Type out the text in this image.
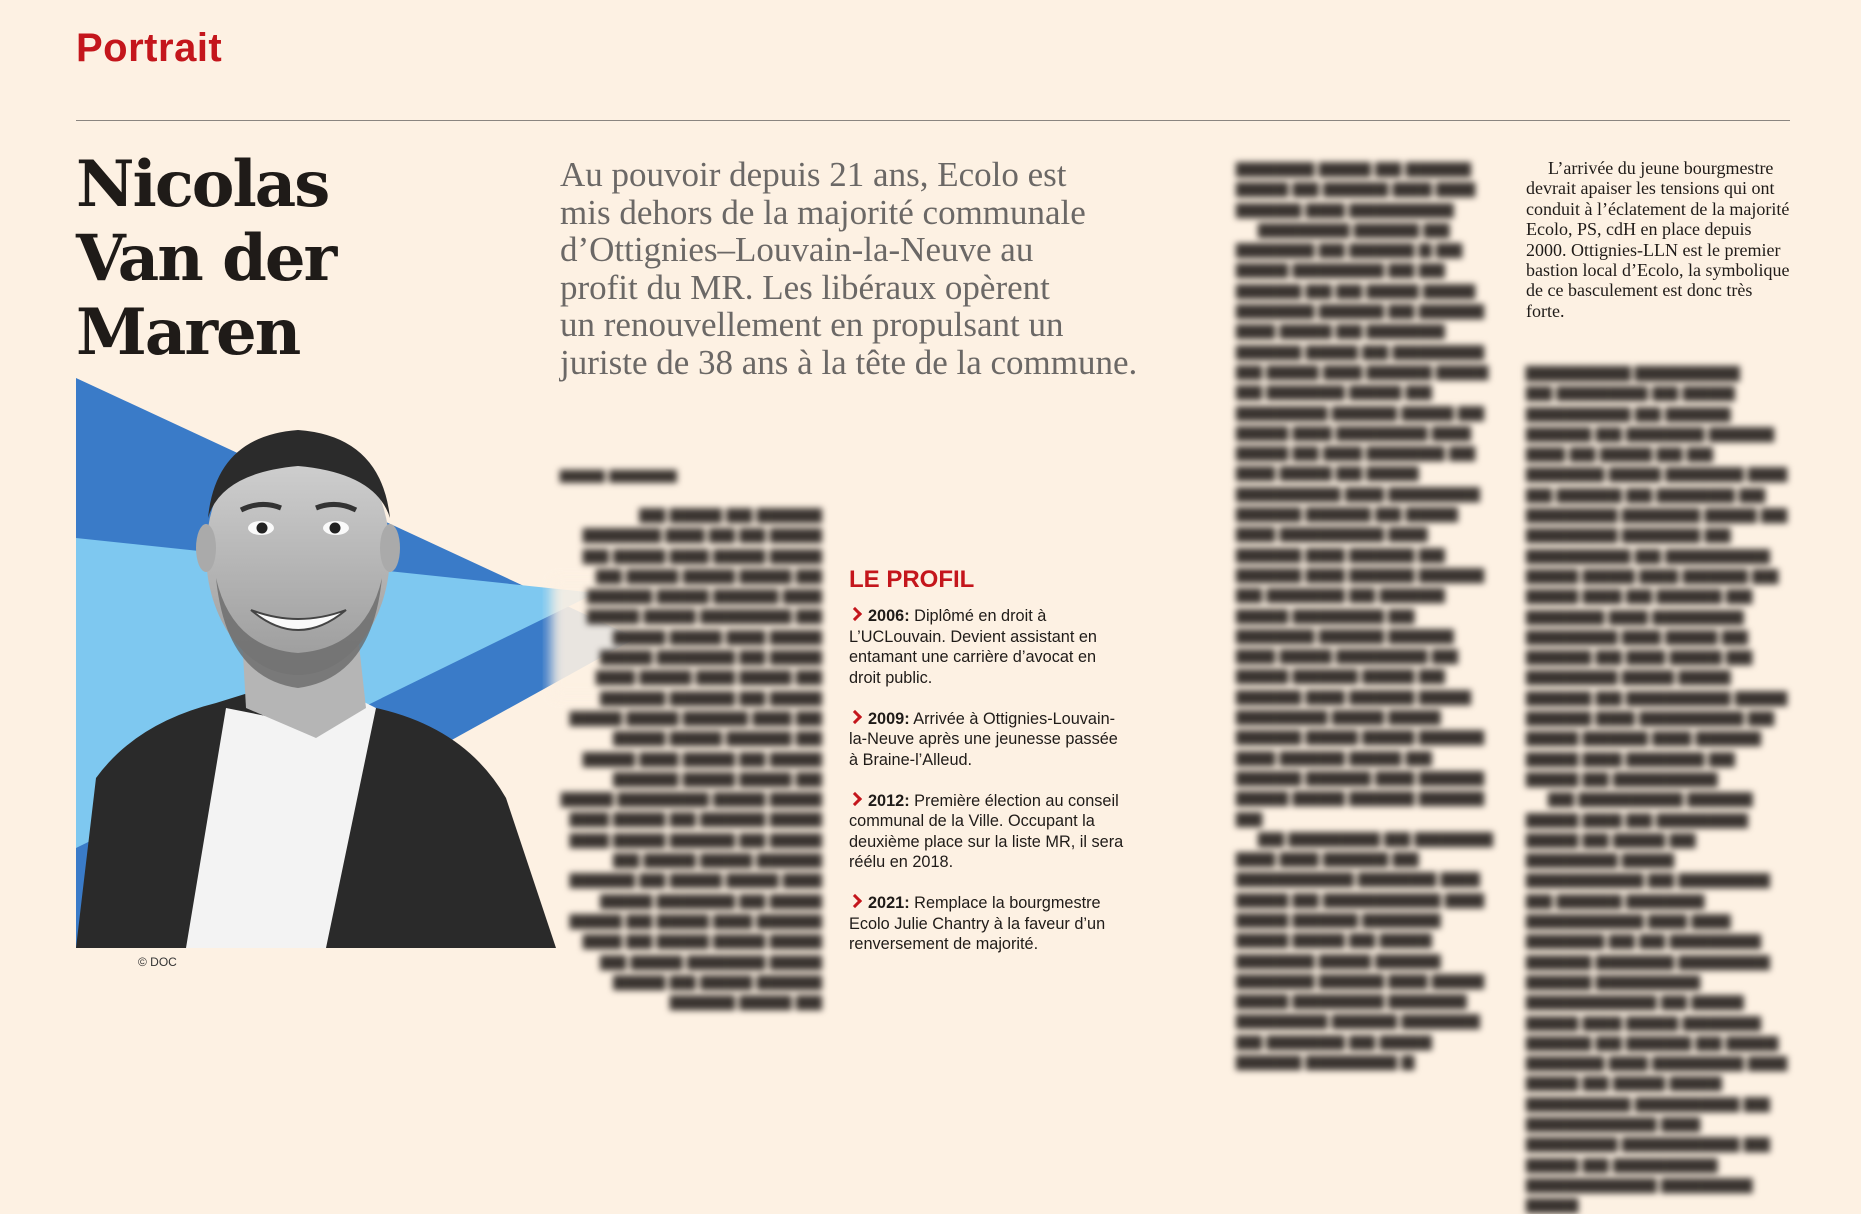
Portrait
Nicolas
Van der Maren
Au pouvoir depuis 21 ans, Ecolo est
mis dehors de la majorité communale
d’Ottignies–Louvain-la-Neuve au
profit du MR. Les libéraux opèrent
un renouvellement en propulsant un
juriste de 38 ans à la tête de la commune.
© DOC
▆▆▆▆ ▆▆▆▆▆▆

▆▆ ▆▆▆▆ ▆▆ ▆▆▆▆▆ ▆▆▆▆▆▆ ▆▆▆ ▆▆ ▆▆ ▆▆▆▆ ▆▆ ▆▆▆▆ ▆▆▆ ▆▆▆▆ ▆▆▆▆ ▆▆ ▆▆▆▆ ▆▆▆▆ ▆▆▆▆ ▆▆ ▆▆▆▆▆ ▆▆▆▆ ▆▆▆▆▆ ▆▆▆ ▆▆▆▆ ▆▆▆▆ ▆▆▆▆▆▆▆ ▆▆ ▆▆▆▆ ▆▆▆▆ ▆▆▆ ▆▆▆▆ ▆▆▆▆ ▆▆▆▆▆▆ ▆▆ ▆▆▆▆ ▆▆▆ ▆▆▆▆ ▆▆▆ ▆▆▆▆ ▆▆ ▆▆▆▆▆ ▆▆▆▆▆ ▆▆ ▆▆▆▆ ▆▆▆▆ ▆▆▆▆ ▆▆▆▆▆ ▆▆▆ ▆▆ ▆▆▆▆ ▆▆▆▆ ▆▆▆▆▆ ▆▆ ▆▆▆▆ ▆▆▆ ▆▆▆▆ ▆▆ ▆▆▆▆ ▆▆▆▆▆ ▆▆▆▆ ▆▆▆▆ ▆▆ ▆▆▆▆ ▆▆▆▆▆▆▆ ▆▆▆▆ ▆▆▆▆ ▆▆▆ ▆▆▆▆ ▆▆ ▆▆▆▆▆ ▆▆▆▆ ▆▆▆ ▆▆▆▆ ▆▆▆▆▆ ▆▆ ▆▆▆▆ ▆▆ ▆▆▆▆ ▆▆▆▆ ▆▆▆▆▆ ▆▆▆▆▆ ▆▆ ▆▆▆▆ ▆▆▆▆ ▆▆▆ ▆▆▆▆ ▆▆▆▆▆▆ ▆▆ ▆▆▆▆ ▆▆▆▆ ▆▆ ▆▆▆▆ ▆▆▆ ▆▆▆▆▆ ▆▆▆ ▆▆ ▆▆▆▆ ▆▆▆▆ ▆▆▆▆ ▆▆ ▆▆▆▆ ▆▆▆▆▆▆ ▆▆▆▆ ▆▆▆▆ ▆▆ ▆▆▆▆ ▆▆▆▆▆ ▆▆▆▆▆ ▆▆▆▆ ▆▆

▆▆▆▆▆▆ ▆▆▆▆ ▆▆ ▆▆▆▆▆ ▆▆▆▆ ▆▆ ▆▆▆▆▆ ▆▆▆ ▆▆▆ ▆▆▆▆▆ ▆▆▆ ▆▆▆▆▆▆▆▆

▆▆▆▆▆▆▆ ▆▆▆▆▆ ▆▆ ▆▆▆▆▆▆ ▆▆ ▆▆▆▆▆ ▆ ▆▆ ▆▆▆▆ ▆▆▆▆▆▆▆ ▆▆ ▆▆ ▆▆▆▆▆ ▆▆ ▆▆ ▆▆▆▆ ▆▆▆▆ ▆▆▆▆▆▆ ▆▆▆▆▆ ▆▆ ▆▆▆▆▆ ▆▆▆ ▆▆▆▆ ▆▆ ▆▆▆▆▆▆ ▆▆▆▆▆ ▆▆▆▆ ▆▆ ▆▆▆▆▆▆▆ ▆▆ ▆▆▆▆ ▆▆▆ ▆▆▆▆▆ ▆▆▆▆ ▆▆ ▆▆▆▆▆▆ ▆▆▆▆ ▆▆ ▆▆▆▆▆▆▆ ▆▆▆▆▆ ▆▆▆▆ ▆▆ ▆▆▆▆ ▆▆▆ ▆▆▆▆▆▆▆ ▆▆▆ ▆▆▆▆ ▆▆ ▆▆▆ ▆▆▆▆▆▆ ▆▆ ▆▆▆ ▆▆▆▆ ▆▆ ▆▆▆▆ ▆▆▆▆▆▆▆▆ ▆▆▆ ▆▆▆▆▆▆▆ ▆▆▆▆▆ ▆▆▆▆▆ ▆▆ ▆▆▆▆ ▆▆▆ ▆▆▆▆▆▆▆▆ ▆▆▆ ▆▆▆▆▆ ▆▆▆ ▆▆▆▆▆ ▆▆ ▆▆▆▆▆ ▆▆▆ ▆▆▆▆▆ ▆▆▆▆▆ ▆▆ ▆▆▆▆▆▆ ▆▆ ▆▆▆▆▆ ▆▆▆▆ ▆▆▆▆▆▆▆ ▆▆ ▆▆▆▆▆▆ ▆▆▆▆▆ ▆▆▆▆▆ ▆▆▆ ▆▆▆▆ ▆▆▆▆▆▆▆ ▆▆ ▆▆▆▆ ▆▆▆▆▆ ▆▆▆▆ ▆▆ ▆▆▆▆▆ ▆▆▆ ▆▆▆▆▆ ▆▆▆▆ ▆▆▆▆▆▆▆ ▆▆▆▆ ▆▆▆▆ ▆▆▆▆▆ ▆▆▆▆ ▆▆▆▆ ▆▆▆▆▆ ▆▆▆ ▆▆▆▆▆ ▆▆▆▆ ▆▆ ▆▆▆▆▆ ▆▆▆▆▆ ▆▆▆ ▆▆▆▆▆ ▆▆▆▆ ▆▆▆▆ ▆▆▆▆▆ ▆▆▆▆▆ ▆▆

▆▆ ▆▆▆▆▆▆▆ ▆▆ ▆▆▆▆▆▆ ▆▆▆ ▆▆▆ ▆▆▆▆▆ ▆▆ ▆▆▆▆▆▆▆▆▆ ▆▆▆▆▆▆ ▆▆▆ ▆▆▆▆ ▆▆ ▆▆▆▆▆▆▆▆▆ ▆▆▆ ▆▆▆▆ ▆▆▆▆▆ ▆▆▆▆▆▆ ▆▆▆▆ ▆▆▆▆ ▆▆ ▆▆▆▆ ▆▆▆▆▆▆ ▆▆▆▆ ▆▆▆▆▆ ▆▆▆▆▆▆ ▆▆▆▆▆ ▆▆▆ ▆▆▆▆ ▆▆▆▆ ▆▆▆▆▆▆▆ ▆▆▆▆▆▆ ▆▆▆▆▆▆▆ ▆▆▆▆▆ ▆▆▆▆▆▆ ▆▆ ▆▆▆▆▆▆ ▆▆ ▆▆▆▆ ▆▆▆▆▆ ▆▆▆▆▆▆▆ ▆

▆▆▆▆▆▆▆▆ ▆▆▆▆▆▆▆▆

▆▆ ▆▆▆▆▆▆▆ ▆▆ ▆▆▆▆ ▆▆▆▆▆▆▆▆ ▆▆ ▆▆▆▆▆ ▆▆▆▆▆ ▆▆ ▆▆▆▆▆▆ ▆▆▆▆▆ ▆▆▆ ▆▆ ▆▆▆▆ ▆▆ ▆▆ ▆▆▆▆▆▆ ▆▆▆▆ ▆▆▆▆▆▆ ▆▆▆ ▆▆ ▆▆▆▆▆ ▆▆ ▆▆▆▆▆▆ ▆▆ ▆▆▆▆▆▆▆ ▆▆▆▆▆▆ ▆▆▆▆ ▆▆ ▆▆▆▆▆▆▆ ▆▆▆▆▆▆ ▆▆ ▆▆▆▆▆▆▆▆ ▆▆ ▆▆▆▆▆▆▆▆ ▆▆▆▆ ▆▆▆▆ ▆▆▆ ▆▆▆▆▆ ▆▆ ▆▆▆▆ ▆▆▆ ▆▆ ▆▆▆▆▆ ▆▆ ▆▆▆▆▆▆ ▆▆▆ ▆▆▆▆▆▆▆ ▆▆▆▆▆▆▆ ▆▆▆ ▆▆▆▆ ▆▆ ▆▆▆▆▆ ▆▆ ▆▆▆ ▆▆▆▆ ▆▆ ▆▆▆▆▆▆▆ ▆▆▆▆ ▆▆▆▆ ▆▆▆▆▆ ▆▆ ▆▆▆▆▆▆▆▆ ▆▆▆▆ ▆▆▆▆▆ ▆▆▆ ▆▆▆▆▆▆▆▆ ▆▆ ▆▆▆▆ ▆▆▆▆▆ ▆▆▆ ▆▆▆▆▆ ▆▆▆▆ ▆▆▆ ▆▆▆▆▆▆ ▆▆ ▆▆▆▆ ▆▆ ▆▆▆▆▆▆▆▆

▆▆ ▆▆▆▆▆▆▆▆ ▆▆▆▆▆ ▆▆▆▆ ▆▆▆ ▆▆ ▆▆▆▆▆▆▆ ▆▆▆▆ ▆▆ ▆▆▆▆ ▆▆ ▆▆▆▆▆▆▆ ▆▆▆▆ ▆▆▆▆▆▆▆▆▆ ▆▆ ▆▆▆▆▆▆▆ ▆▆ ▆▆▆▆▆ ▆▆▆▆▆▆ ▆▆▆▆▆▆▆▆▆ ▆▆▆ ▆▆▆ ▆▆▆▆▆▆ ▆▆ ▆▆ ▆▆▆▆▆▆▆ ▆▆▆▆▆ ▆▆▆▆▆▆ ▆▆▆▆▆▆▆ ▆▆▆▆▆ ▆▆▆▆▆▆▆▆ ▆▆▆▆▆▆▆▆▆▆ ▆▆ ▆▆▆▆ ▆▆▆▆ ▆▆▆ ▆▆▆▆ ▆▆▆▆▆▆ ▆▆▆▆▆ ▆▆ ▆▆▆▆▆ ▆▆ ▆▆▆▆ ▆▆▆▆▆▆ ▆▆▆ ▆▆▆▆▆▆▆ ▆▆▆ ▆▆▆▆ ▆▆ ▆▆▆▆ ▆▆▆▆ ▆▆▆▆▆▆▆▆ ▆▆▆▆▆▆▆▆ ▆▆ ▆▆▆▆▆▆▆▆▆▆ ▆▆▆ ▆▆▆▆▆▆▆ ▆▆▆▆▆▆▆▆▆ ▆▆ ▆▆▆▆ ▆▆ ▆▆▆▆▆▆▆▆ ▆▆▆▆▆▆▆▆▆▆ ▆▆▆▆▆▆▆ ▆▆▆▆

L’arrivée du jeune bourgmestre devrait apaiser les tensions qui ont conduit à l’éclatement de la majorité Ecolo, PS, cdH en place depuis 2000. Ottignies-LLN est le premier bastion local d’Ecolo, la symbolique de ce basculement est donc très forte.

LE PROFIL
2006: Diplômé en droit à L’UCLouvain. Devient assistant en entamant une carrière d’avocat en droit public.
2009: Arrivée à Ottignies-Louvain-la-Neuve après une jeunesse passée à Braine-l’Alleud.
2012: Première élection au conseil communal de la Ville. Occupant la deuxième place sur la liste MR, il sera réélu en 2018.
2021: Remplace la bourgmestre Ecolo Julie Chantry à la faveur d’un renversement de majorité.
